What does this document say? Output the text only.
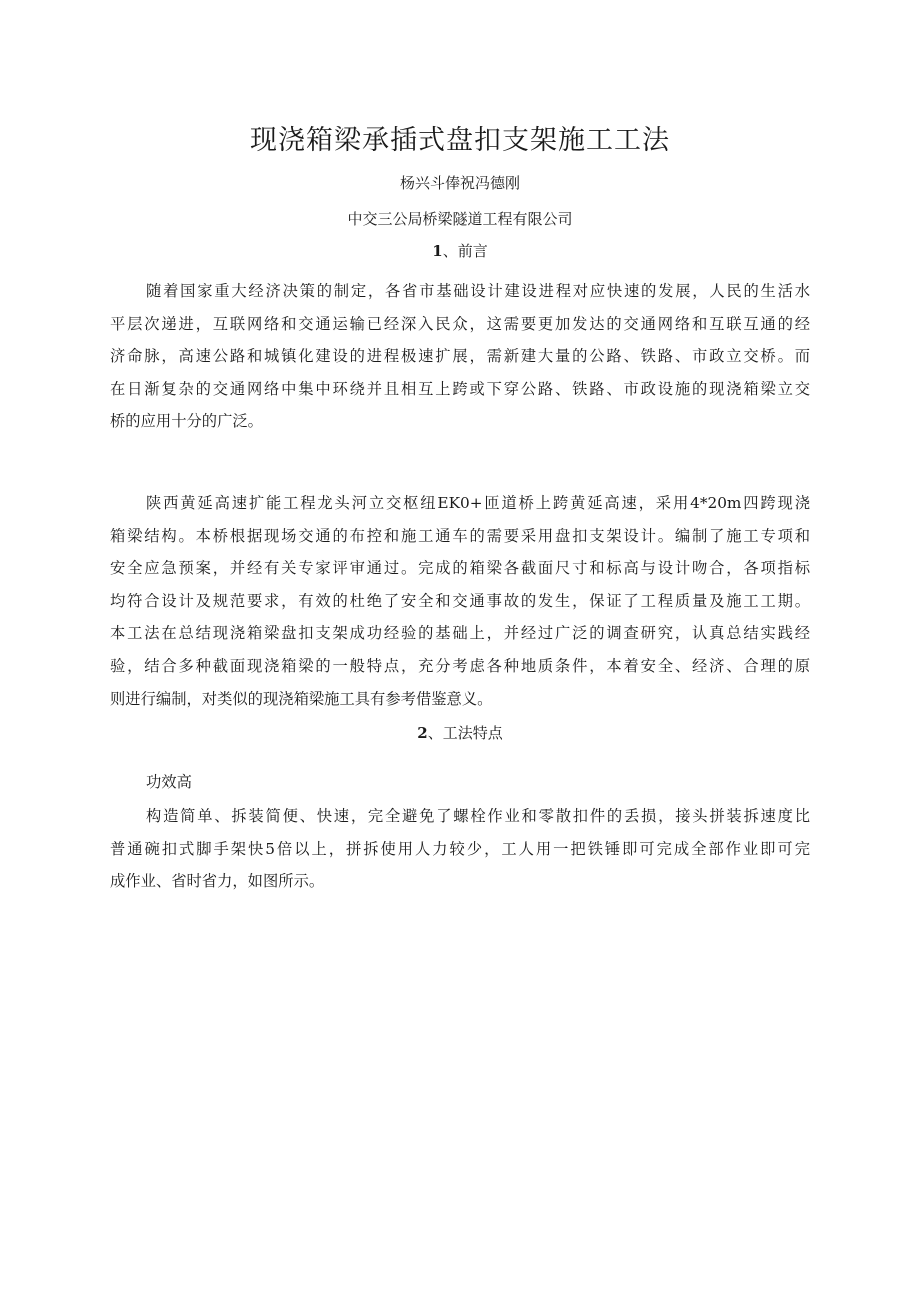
现浇箱梁承插式盘扣支架施工工法
杨兴斗俸祝冯德刚
中交三公局桥梁隧道工程有限公司
1、前言

随着国家重大经济决策的制定，各省市基础设计建设进程对应快速的发展，人民的生活水
平层次递进，互联网络和交通运输已经深入民众，这需要更加发达的交通网络和互联互通的经
济命脉，高速公路和城镇化建设的进程极速扩展，需新建大量的公路、铁路、市政立交桥。而
在日渐复杂的交通网络中集中环绕并且相互上跨或下穿公路、铁路、市政设施的现浇箱梁立交
桥的应用十分的广泛。

陕西黄延高速扩能工程龙头河立交枢纽EK0+匝道桥上跨黄延高速，采用4*20m四跨现浇
箱梁结构。本桥根据现场交通的布控和施工通车的需要采用盘扣支架设计。编制了施工专项和
安全应急预案，并经有关专家评审通过。完成的箱梁各截面尺寸和标高与设计吻合，各项指标
均符合设计及规范要求，有效的杜绝了安全和交通事故的发生，保证了工程质量及施工工期。
本工法在总结现浇箱梁盘扣支架成功经验的基础上，并经过广泛的调查研究，认真总结实践经
验，结合多种截面现浇箱梁的一般特点，充分考虑各种地质条件，本着安全、经济、合理的原
则进行编制，对类似的现浇箱梁施工具有参考借鉴意义。

2、工法特点
功效高

构造简单、拆装简便、快速，完全避免了螺栓作业和零散扣件的丢损，接头拼装拆速度比
普通碗扣式脚手架快5倍以上，拼拆使用人力较少，工人用一把铁锤即可完成全部作业即可完
成作业、省时省力，如图所示。
